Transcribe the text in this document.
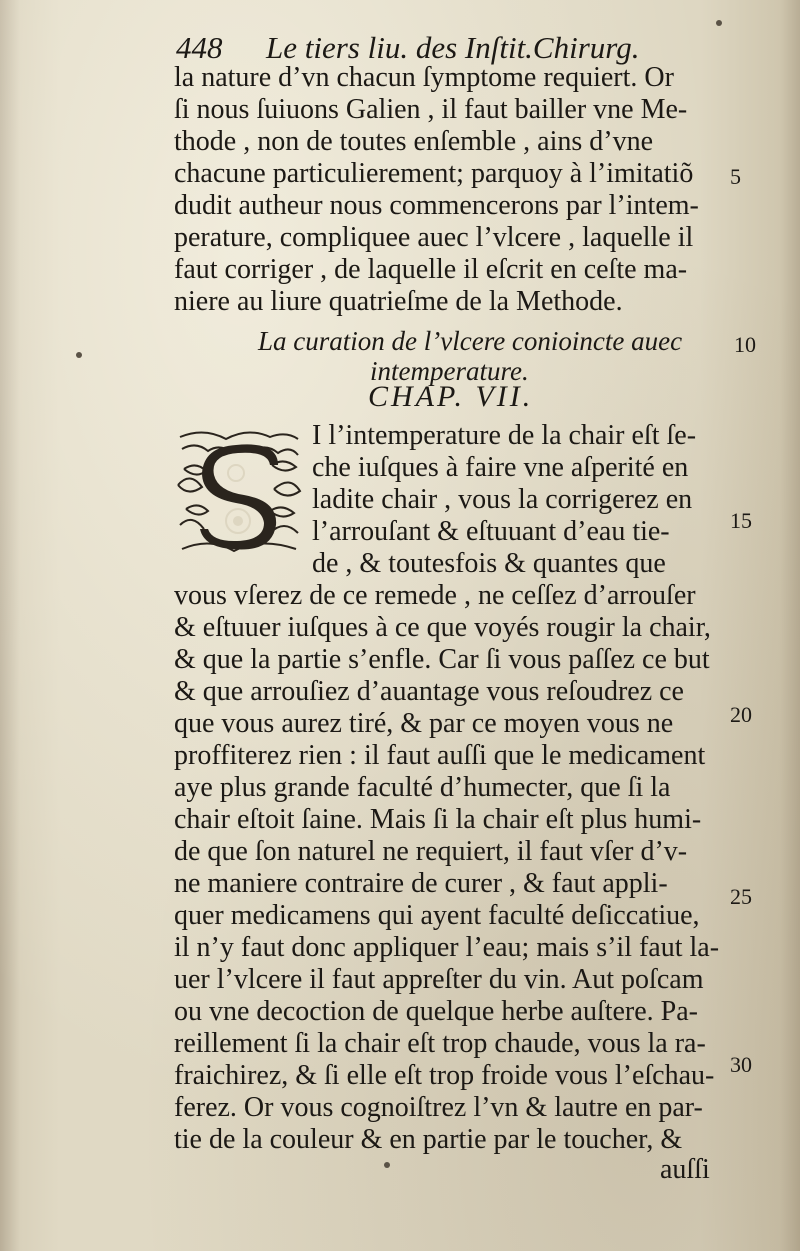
448 Le tiers liu. des Inſtit.Chirurg.
la nature d’vn chacun ſymptome requiert. Or
ſi nous ſuiuons Galien , il faut bailler vne Me-
thode , non de toutes enſemble , ains d’vne
chacune particulierement; parquoy à l’imitatiõ
dudit autheur nous commencerons par l’intem-
perature, compliquee auec l’vlcere , laquelle il
faut corriger , de laquelle il eſcrit en ceſte ma-
niere au liure quatrieſme de la Methode.
La curation de l’vlcere conioincte auec
intemperature.
CHAP. VII.
I l’intemperature de la chair eſt ſe-
che iuſques à faire vne aſperité en
ladite chair , vous la corrigerez en
l’arrouſant & eſtuuant d’eau tie-
de , & toutesfois & quantes que
vous vſerez de ce remede , ne ceſſez d’arrouſer
& eſtuuer iuſques à ce que voyés rougir la chair,
& que la partie s’enfle. Car ſi vous paſſez ce but
& que arrouſiez d’auantage vous reſoudrez ce
que vous aurez tiré, & par ce moyen vous ne
proffiterez rien : il faut auſſi que le medicament
aye plus grande faculté d’humecter, que ſi la
chair eſtoit ſaine. Mais ſi la chair eſt plus humi-
de que ſon naturel ne requiert, il faut vſer d’v-
ne maniere contraire de curer , & faut appli-
quer medicamens qui ayent faculté deſiccatiue,
il n’y faut donc appliquer l’eau; mais s’il faut la-
uer l’vlcere il faut appreſter du vin. Aut poſcam
ou vne decoction de quelque herbe auſtere. Pa-
reillement ſi la chair eſt trop chaude, vous la ra-
fraichirez, & ſi elle eſt trop froide vous l’eſchau-
ferez. Or vous cognoiſtrez l’vn & lautre en par-
tie de la couleur & en partie par le toucher, &
auſſi
5
10
15
20
25
30
